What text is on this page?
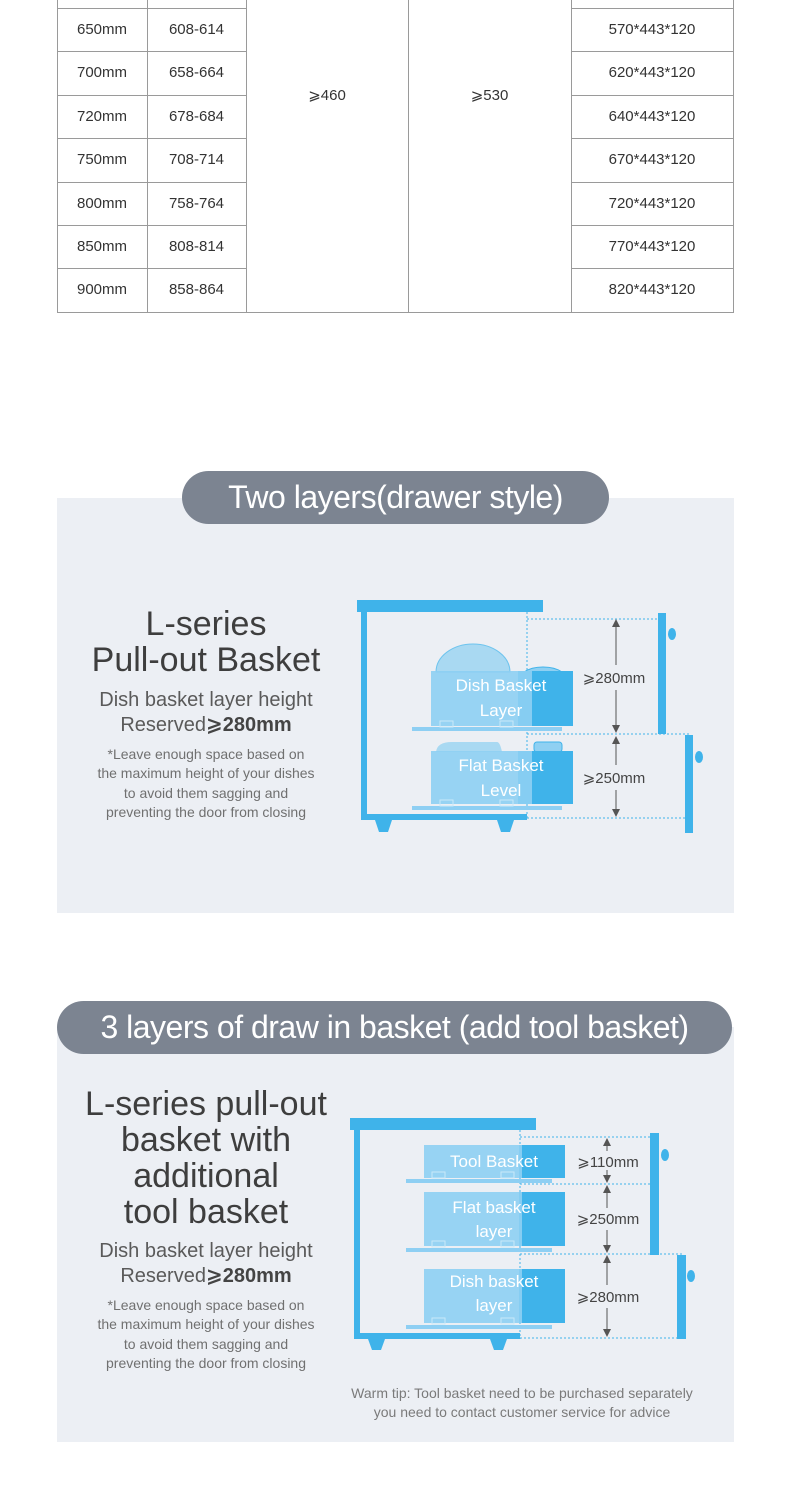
650mm	608-614	570*443*120
700mm	658-664	620*443*120
720mm	678-684	640*443*120
750mm	708-714	670*443*120
800mm	758-764	720*443*120
850mm	808-814	770*443*120
900mm	858-864	820*443*120
⩾460	⩾530
Two layers(drawer style)
L-series
Pull-out Basket
Dish basket layer height
Reserved⩾280mm
*Leave enough space based on
the maximum height of your dishes
to avoid them sagging and
preventing the door from closing
Dish Basket
Layer
Flat Basket
Level
⩾280mm
⩾250mm
3 layers of draw in basket (add tool basket)
L-series pull-out
basket with
additional
tool basket
Dish basket layer height
Reserved⩾280mm
*Leave enough space based on
the maximum height of your dishes
to avoid them sagging and
preventing the door from closing
Tool Basket
Flat basket
layer
Dish basket
layer
⩾110mm
⩾250mm
⩾280mm
Warm tip: Tool basket need to be purchased separately
you need to contact customer service for advice
